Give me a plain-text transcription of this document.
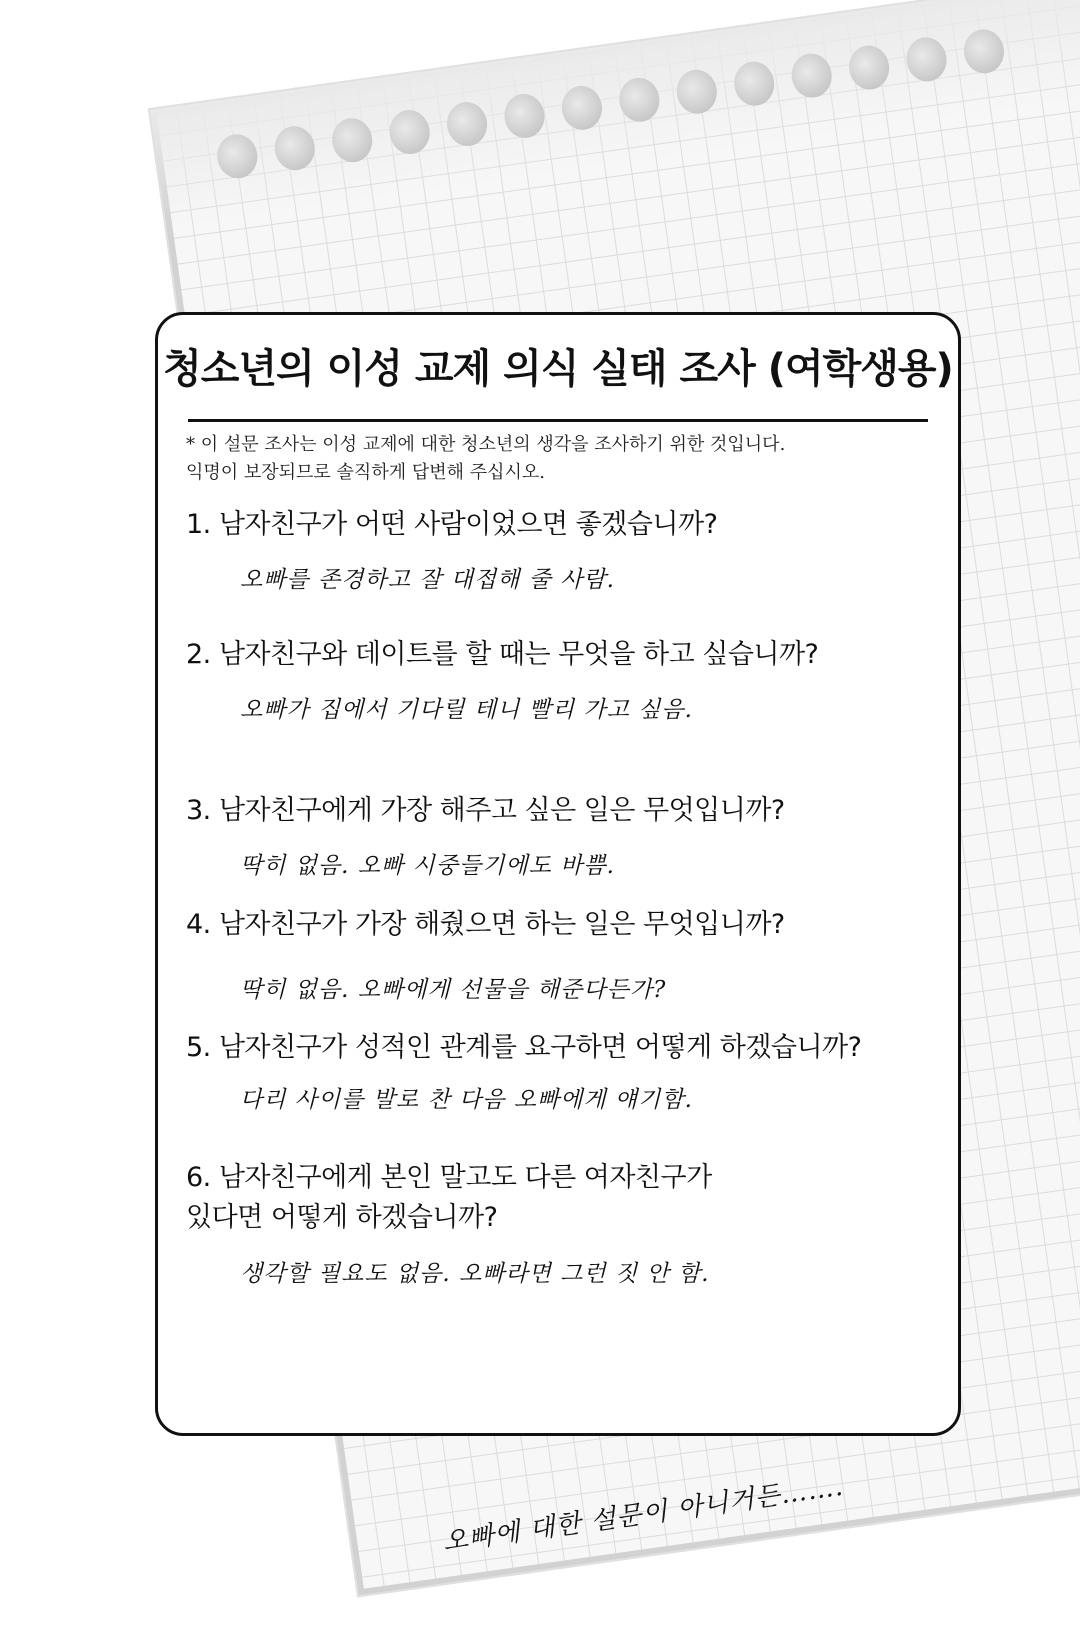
오빠에 대한 설문이 아니거든…….
청소년의 이성 교제 의식 실태 조사 (여학생용)
* 이 설문 조사는 이성 교제에 대한 청소년의 생각을 조사하기 위한 것입니다.
익명이 보장되므로 솔직하게 답변해 주십시오.
1. 남자친구가 어떤 사람이었으면 좋겠습니까?
오빠를 존경하고 잘 대접해 줄 사람.
2. 남자친구와 데이트를 할 때는 무엇을 하고 싶습니까?
오빠가 집에서 기다릴 테니 빨리 가고 싶음.
3. 남자친구에게 가장 해주고 싶은 일은 무엇입니까?
딱히 없음. 오빠 시중들기에도 바쁨.
4. 남자친구가 가장 해줬으면 하는 일은 무엇입니까?
딱히 없음. 오빠에게 선물을 해준다든가?
5. 남자친구가 성적인 관계를 요구하면 어떻게 하겠습니까?
다리 사이를 발로 찬 다음 오빠에게 얘기함.
6. 남자친구에게 본인 말고도 다른 여자친구가
있다면 어떻게 하겠습니까?
생각할 필요도 없음. 오빠라면 그런 짓 안 함.
